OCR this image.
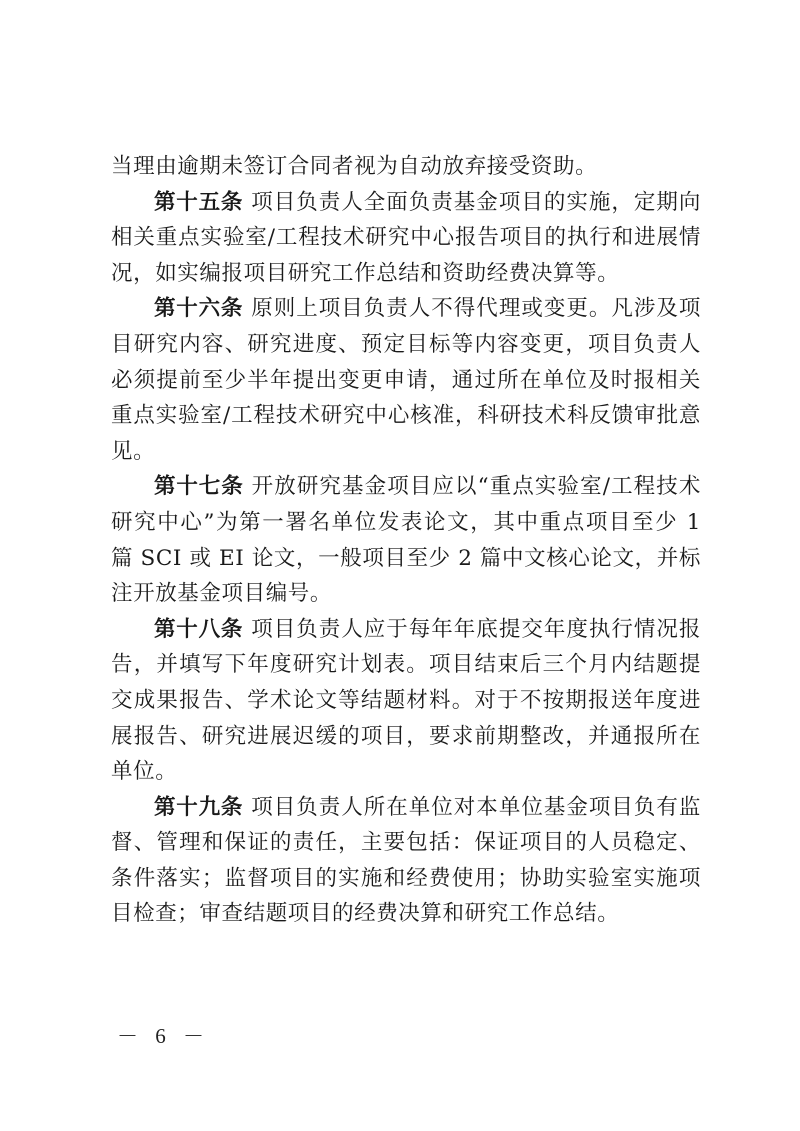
当理由逾期未签订合同者视为自动放弃接受资助。

第十五条 项目负责人全面负责基金项目的实施，定期向相关重点实验室/工程技术研究中心报告项目的执行和进展情况，如实编报项目研究工作总结和资助经费决算等。

第十六条 原则上项目负责人不得代理或变更。凡涉及项目研究内容、研究进度、预定目标等内容变更，项目负责人必须提前至少半年提出变更申请，通过所在单位及时报相关重点实验室/工程技术研究中心核准，科研技术科反馈审批意见。

第十七条 开放研究基金项目应以“重点实验室/工程技术研究中心”为第一署名单位发表论文，其中重点项目至少 1 篇 SCI 或 EI 论文，一般项目至少 2 篇中文核心论文，并标注开放基金项目编号。

第十八条 项目负责人应于每年年底提交年度执行情况报告，并填写下年度研究计划表。项目结束后三个月内结题提交成果报告、学术论文等结题材料。对于不按期报送年度进展报告、研究进展迟缓的项目，要求前期整改，并通报所在单位。

第十九条 项目负责人所在单位对本单位基金项目负有监督、管理和保证的责任，主要包括：保证项目的人员稳定、条件落实；监督项目的实施和经费使用；协助实验室实施项目检查；审查结题项目的经费决算和研究工作总结。

－ 6 －
